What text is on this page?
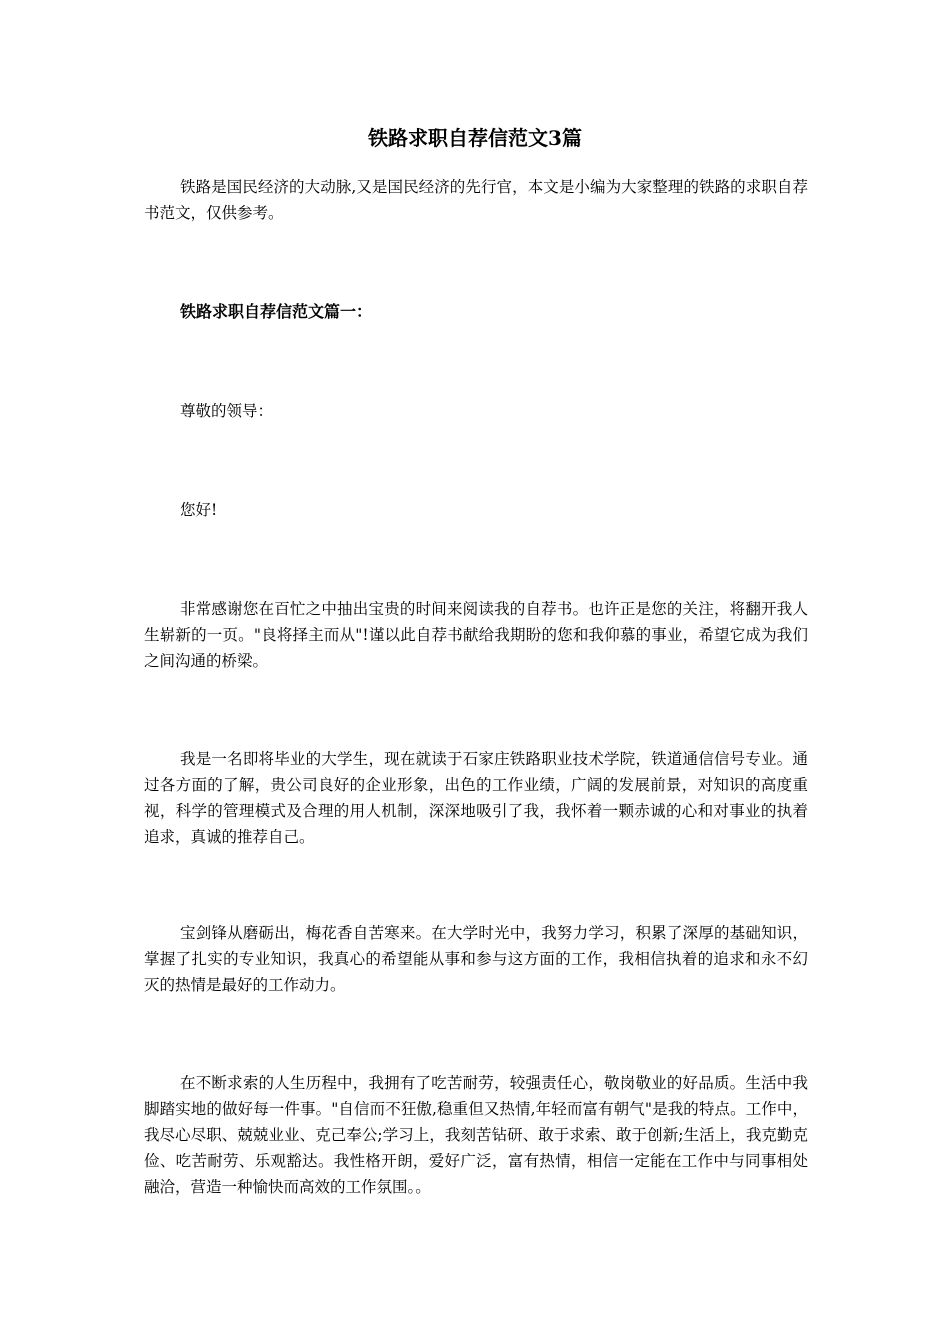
铁路求职自荐信范文3篇

铁路是国民经济的大动脉,又是国民经济的先行官，本文是小编为大家整理的铁路的求职自荐书范文，仅供参考。

铁路求职自荐信范文篇一：
尊敬的领导：
您好!

非常感谢您在百忙之中抽出宝贵的时间来阅读我的自荐书。也许正是您的关注，将翻开我人生崭新的一页。"良将择主而从"!谨以此自荐书献给我期盼的您和我仰慕的事业，希望它成为我们之间沟通的桥梁。

我是一名即将毕业的大学生，现在就读于石家庄铁路职业技术学院，铁道通信信号专业。通过各方面的了解，贵公司良好的企业形象，出色的工作业绩，广阔的发展前景，对知识的高度重视，科学的管理模式及合理的用人机制，深深地吸引了我，我怀着一颗赤诚的心和对事业的执着追求，真诚的推荐自己。

宝剑锋从磨砺出，梅花香自苦寒来。在大学时光中，我努力学习，积累了深厚的基础知识，掌握了扎实的专业知识，我真心的希望能从事和参与这方面的工作，我相信执着的追求和永不幻灭的热情是最好的工作动力。

在不断求索的人生历程中，我拥有了吃苦耐劳，较强责任心，敬岗敬业的好品质。生活中我脚踏实地的做好每一件事。"自信而不狂傲,稳重但又热情,年轻而富有朝气"是我的特点。工作中，我尽心尽职、兢兢业业、克己奉公;学习上，我刻苦钻研、敢于求索、敢于创新;生活上，我克勤克俭、吃苦耐劳、乐观豁达。我性格开朗，爱好广泛，富有热情，相信一定能在工作中与同事相处融洽，营造一种愉快而高效的工作氛围。。
